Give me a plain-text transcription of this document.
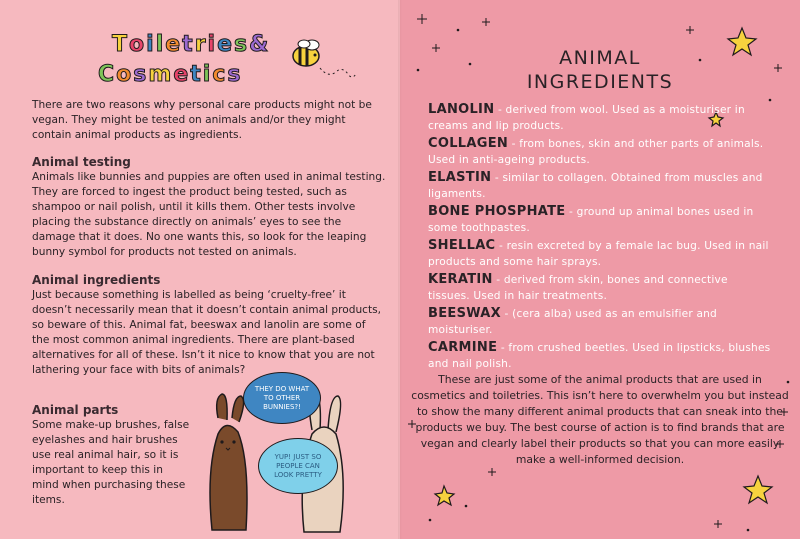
Toiletries&
Cosmetics

There are two reasons why personal care products might not be vegan. They might be tested on animals and/or they might contain animal products as ingredients.

Animal testing

Animals like bunnies and puppies are often used in animal testing. They are forced to ingest the product being tested, such as shampoo or nail polish, until it kills them. Other tests involve placing the substance directly on animals’ eyes to see the damage that it does. No one wants this, so look for the leaping bunny symbol for products not tested on animals.

Animal ingredients

Just because something is labelled as being ‘cruelty-free’ it doesn’t necessarily mean that it doesn’t contain animal products, so beware of this. Animal fat, beeswax and lanolin are some of the most common animal ingredients. There are plant-based alternatives for all of these. Isn’t it nice to know that you are not lathering your face with bits of animals?

Animal parts

Some make-up brushes, false eyelashes and hair brushes use real animal hair, so it is important to keep this in mind when purchasing these items.

THEY DO WHAT TO OTHER BUNNIES?!
YUP! JUST SO PEOPLE CAN LOOK PRETTY
ANIMAL
INGREDIENTS
LANOLIN - derived from wool. Used as a moisturiser in creams and lip products.
COLLAGEN - from bones, skin and other parts of animals. Used in anti-ageing products.
ELASTIN - similar to collagen. Obtained from muscles and ligaments.
BONE PHOSPHATE - ground up animal bones used in some toothpastes.
SHELLAC - resin excreted by a female lac bug. Used in nail products and some hair sprays.
KERATIN - derived from skin, bones and connective tissues. Used in hair treatments.
BEESWAX - (cera alba) used as an emulsifier and moisturiser.
CARMINE - from crushed beetles. Used in lipsticks, blushes and nail polish.
These are just some of the animal products that are used in cosmetics and toiletries. This isn’t here to overwhelm you but instead to show the many different animal products that can sneak into the products we buy. The best course of action is to find brands that are vegan and clearly label their products so that you can more easily make a well-informed decision.
